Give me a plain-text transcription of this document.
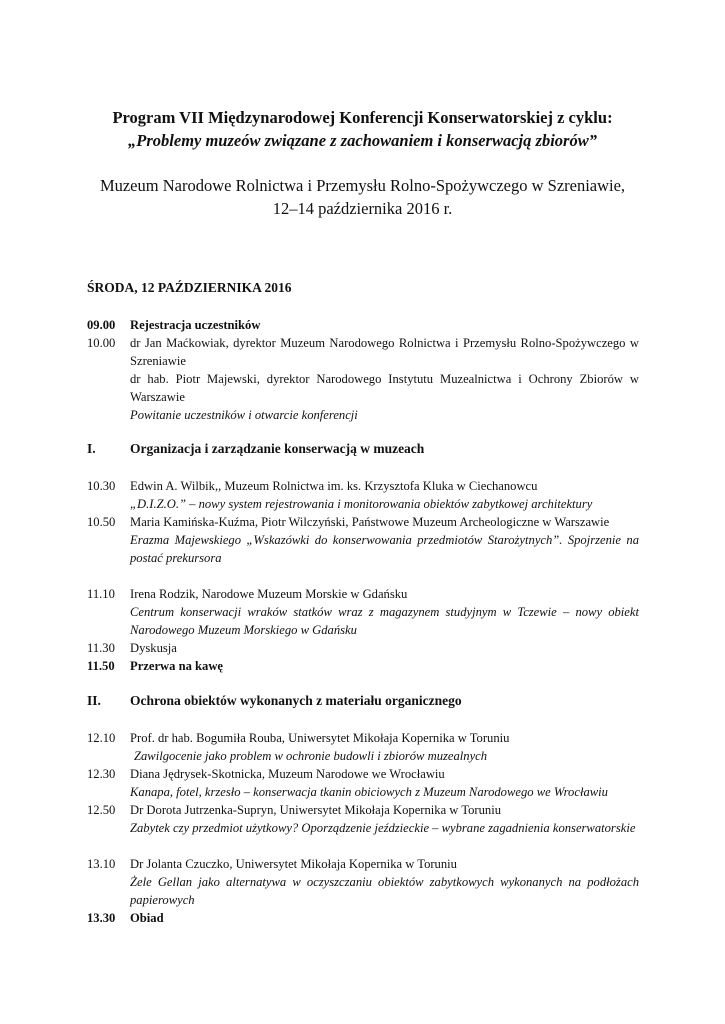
Program VII Międzynarodowej Konferencji Konserwatorskiej z cyklu:
„Problemy muzeów związane z zachowaniem i konserwacją zbiorów”
Muzeum Narodowe Rolnictwa i Przemysłu Rolno-Spożywczego w Szreniawie,
12–14 października 2016 r.
ŚRODA, 12 PAŹDZIERNIKA 2016
09.00 Rejestracja uczestników
10.00 dr Jan Maćkowiak, dyrektor Muzeum Narodowego Rolnictwa i Przemysłu Rolno-Spożywczego w Szreniawie
dr hab. Piotr Majewski, dyrektor Narodowego Instytutu Muzealnictwa i Ochrony Zbiorów w Warszawie
Powitanie uczestników i otwarcie konferencji
I.	Organizacja i zarządzanie konserwacją w muzeach
10.30 Edwin A. Wilbik,, Muzeum Rolnictwa im. ks. Krzysztofa Kluka w Ciechanowcu
„D.I.Z.O.” – nowy system rejestrowania i monitorowania obiektów zabytkowej architektury
10.50 Maria Kamińska-Kuźma, Piotr Wilczyński, Państwowe Muzeum Archeologiczne w Warszawie
Erazma Majewskiego „Wskazówki do konserwowania przedmiotów Starożytnych”. Spojrzenie na postać prekursora
11.10 Irena Rodzik, Narodowe Muzeum Morskie w Gdańsku
Centrum konserwacji wraków statków wraz z magazynem studyjnym w Tczewie – nowy obiekt Narodowego Muzeum Morskiego w Gdańsku
11.30 Dyskusja
11.50 Przerwa na kawę
II. Ochrona obiektów wykonanych z materiału organicznego
12.10 Prof. dr hab. Bogumiła Rouba, Uniwersytet Mikołaja Kopernika w Toruniu
Zawilgocenie jako problem w ochronie budowli i zbiorów muzealnych
12.30 Diana Jędrysek-Skotnicka, Muzeum Narodowe we Wrocławiu
Kanapa, fotel, krzesło – konserwacja tkanin obiciowych z Muzeum Narodowego we Wrocławiu
12.50 Dr Dorota Jutrzenka-Supryn, Uniwersytet Mikołaja Kopernika w Toruniu
Zabytek czy przedmiot użytkowy? Oporządzenie jeździeckie – wybrane zagadnienia konserwatorskie
13.10 Dr Jolanta Czuczko, Uniwersytet Mikołaja Kopernika w Toruniu
Żele Gellan jako alternatywa w oczyszczaniu obiektów zabytkowych wykonanych na podłożach papierowych
13.30 Obiad
